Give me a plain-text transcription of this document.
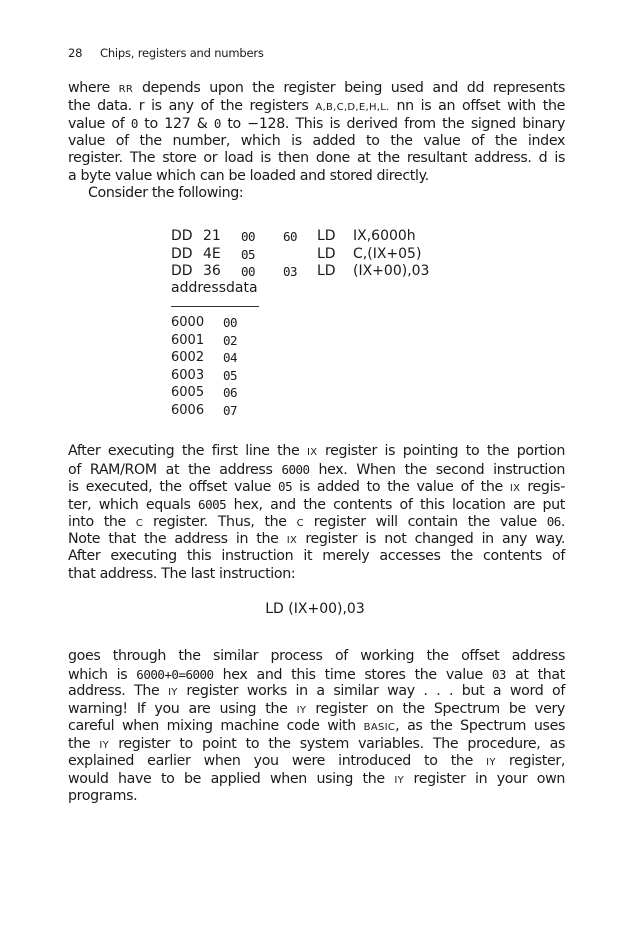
28 Chips, registers and numbers
where RR depends upon the register being used and dd represents
the data. r is any of the registers A,B,C,D,E,H,L. nn is an offset with the
value of 0 to 127 & 0 to −128. This is derived from the signed binary
value of the number, which is added to the value of the index
register. The store or load is then done at the resultant address. d is
a byte value which can be loaded and stored directly.
Consider the following:
DD 21 00 60 LD IX,6000h
DD 4E 05	LD C,(IX+05)
DD 36 00 03 LD (IX+00),03
addressdata
6000 00
6001 02
6002 04
6003 05
6005 06
6006 07
After executing the first line the IX register is pointing to the portion
of RAM/ROM at the address 6000 hex. When the second instruction
is executed, the offset value 05 is added to the value of the IX regis-
ter, which equals 6005 hex, and the contents of this location are put
into the C register. Thus, the C register will contain the value 06.
Note that the address in the IX register is not changed in any way.
After executing this instruction it merely accesses the contents of
that address. The last instruction:
LD (IX+00),03
goes through the similar process of working the offset address
which is 6000+0=6000 hex and this time stores the value 03 at that
address. The IY register works in a similar way . . . but a word of
warning! If you are using the IY register on the Spectrum be very
careful when mixing machine code with BASIC, as the Spectrum uses
the IY register to point to the system variables. The procedure, as
explained earlier when you were introduced to the IY register,
would have to be applied when using the IY register in your own
programs.
